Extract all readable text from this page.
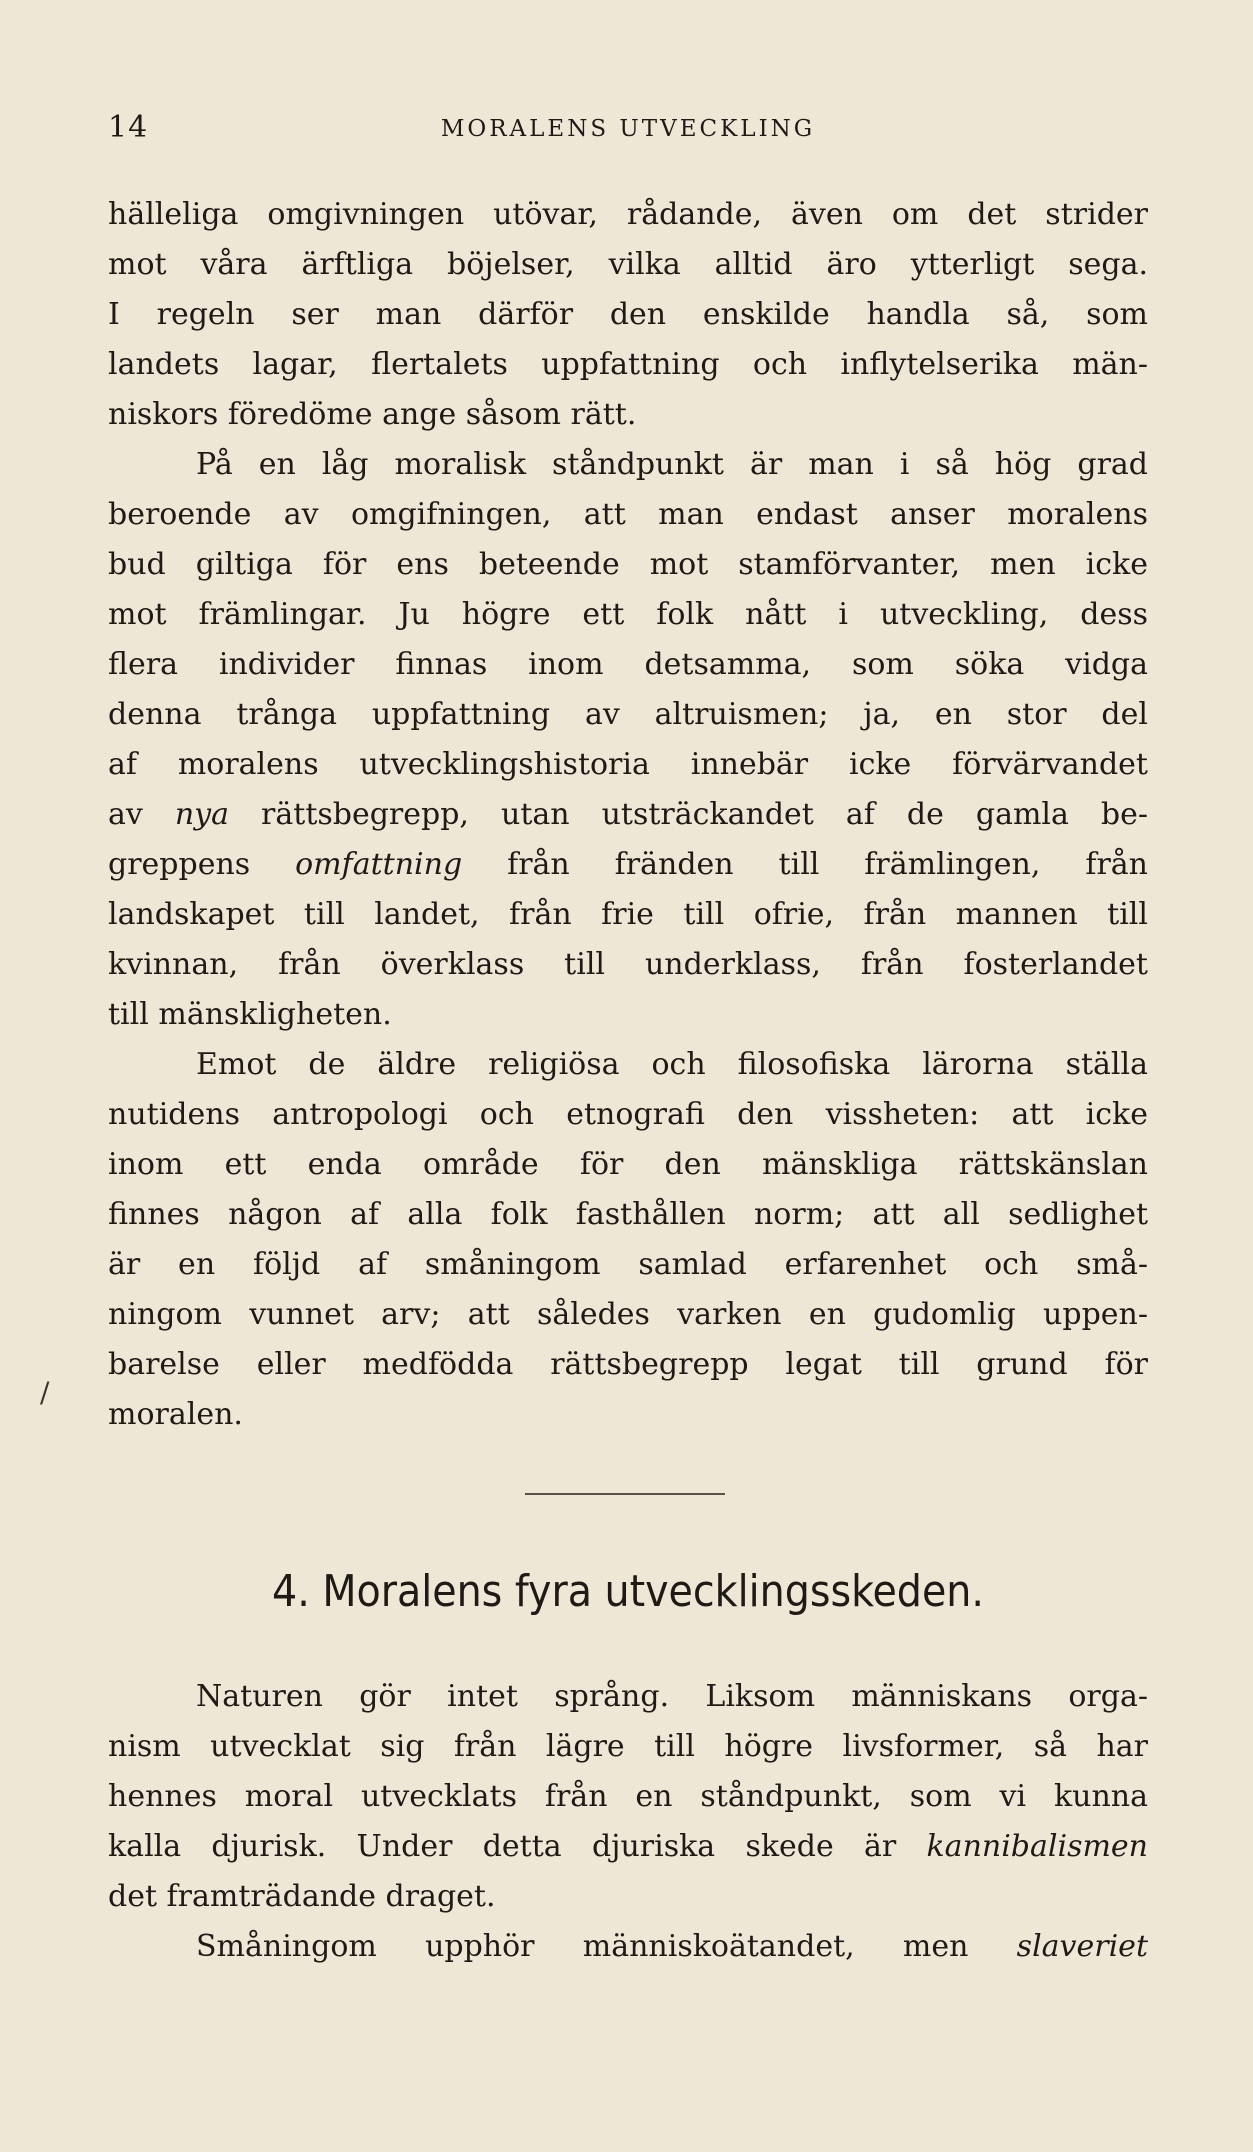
14	MORALENS UTVECKLING
hälleliga omgivningen utövar, rådande, även om det strider
mot våra ärftliga böjelser, vilka alltid äro ytterligt sega.
I regeln ser man därför den enskilde handla så, som
landets lagar, flertalets uppfattning och inflytelserika män-
niskors föredöme ange såsom rätt.
På en låg moralisk ståndpunkt är man i så hög grad
beroende av omgifningen, att man endast anser moralens
bud giltiga för ens beteende mot stamförvanter, men icke
mot främlingar. Ju högre ett folk nått i utveckling, dess
flera individer finnas inom detsamma, som söka vidga
denna trånga uppfattning av altruismen; ja, en stor del
af moralens utvecklingshistoria innebär icke förvärvandet
av nya rättsbegrepp, utan utsträckandet af de gamla be-
greppens omfattning från fränden till främlingen, från
landskapet till landet, från frie till ofrie, från mannen till
kvinnan, från överklass till underklass, från fosterlandet
till mänskligheten.
Emot de äldre religiösa och filosofiska lärorna ställa
nutidens antropologi och etnografi den vissheten: att icke
inom ett enda område för den mänskliga rättskänslan
finnes någon af alla folk fasthållen norm; att all sedlighet
är en följd af småningom samlad erfarenhet och små-
ningom vunnet arv; att således varken en gudomlig uppen-
barelse eller medfödda rättsbegrepp legat till grund för
moralen.
/
4. Moralens fyra utvecklingsskeden.
Naturen gör intet språng. Liksom människans orga-
nism utvecklat sig från lägre till högre livsformer, så har
hennes moral utvecklats från en ståndpunkt, som vi kunna
kalla djurisk. Under detta djuriska skede är kannibalismen
det framträdande draget.
Småningom upphör människoätandet, men slaveriet
